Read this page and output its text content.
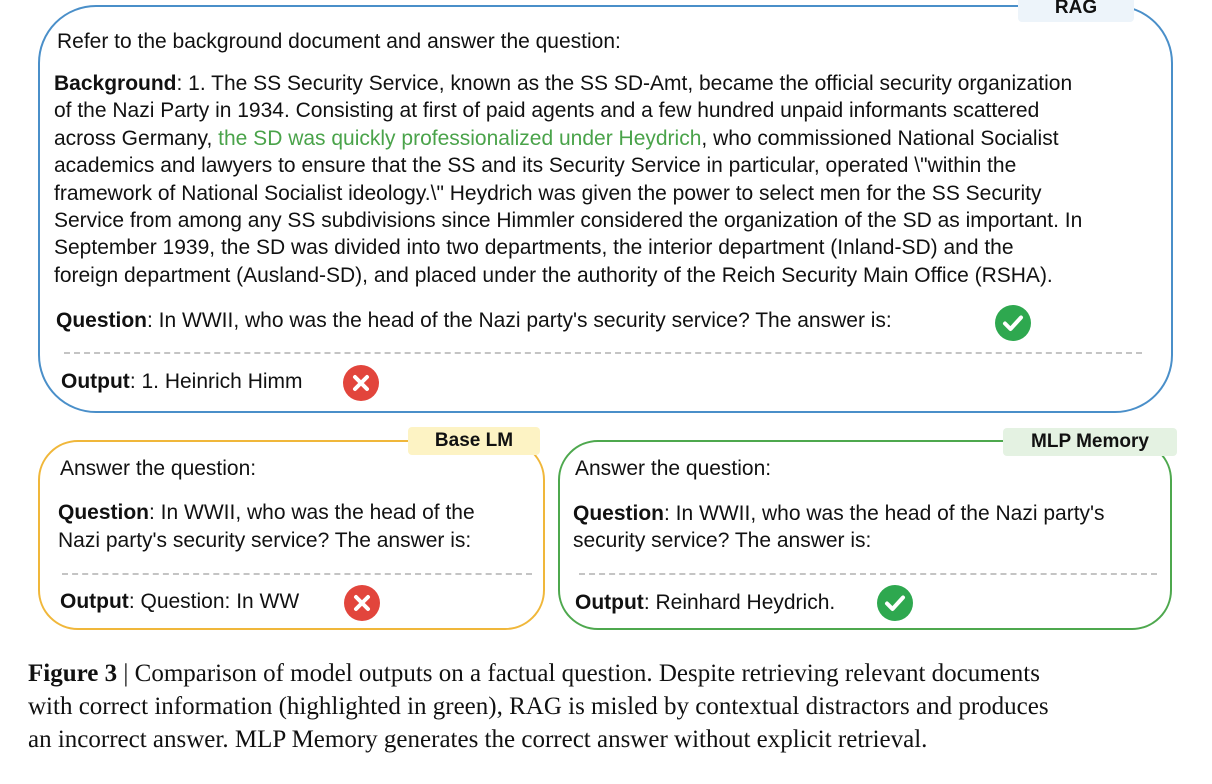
RAG
Refer to the background document and answer the question:
Background: 1. The SS Security Service, known as the SS SD-Amt, became the official security organization
of the Nazi Party in 1934. Consisting at first of paid agents and a few hundred unpaid informants scattered
across Germany, the SD was quickly professionalized under Heydrich, who commissioned National Socialist
academics and lawyers to ensure that the SS and its Security Service in particular, operated \"within the
framework of National Socialist ideology.\" Heydrich was given the power to select men for the SS Security
Service from among any SS subdivisions since Himmler considered the organization of the SD as important. In
September 1939, the SD was divided into two departments, the interior department (Inland-SD) and the
foreign department (Ausland-SD), and placed under the authority of the Reich Security Main Office (RSHA).
Question: In WWII, who was the head of the Nazi party's security service? The answer is:
Output: 1. Heinrich Himm
Base LM
Answer the question:
Question: In WWII, who was the head of the
Nazi party's security service? The answer is:
Output: Question: In WW
MLP Memory
Answer the question:
Question: In WWII, who was the head of the Nazi party's
security service? The answer is:
Output: Reinhard Heydrich.
Figure 3 | Comparison of model outputs on a factual question. Despite retrieving relevant documents
with correct information (highlighted in green), RAG is misled by contextual distractors and produces
an incorrect answer. MLP Memory generates the correct answer without explicit retrieval.
